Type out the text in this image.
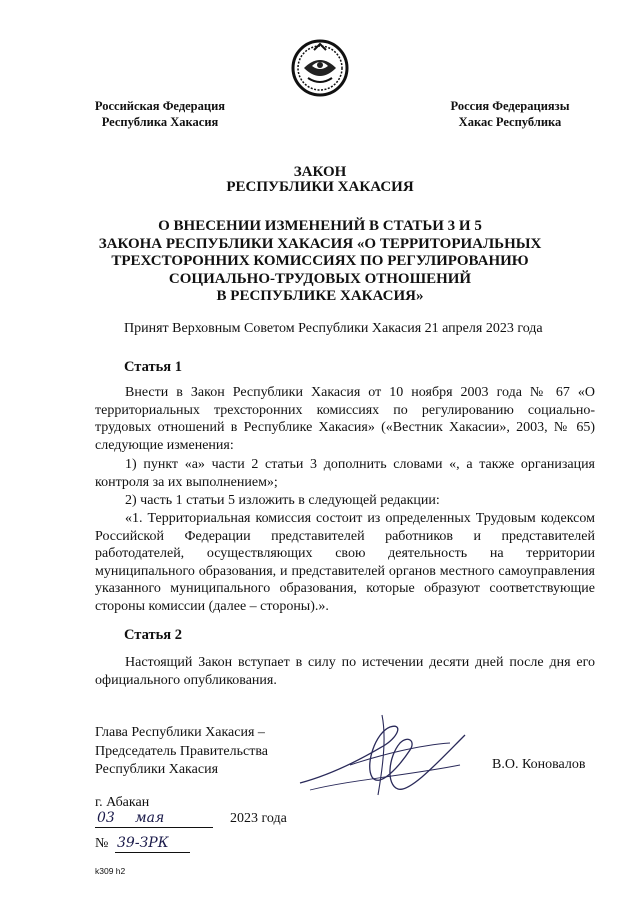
Российская Федерация
Республика Хакасия
Россия Федерациязы
Хакас Республика
ЗАКОН
РЕСПУБЛИКИ ХАКАСИЯ
О ВНЕСЕНИИ ИЗМЕНЕНИЙ В СТАТЬИ 3 И 5
ЗАКОНА РЕСПУБЛИКИ ХАКАСИЯ «О ТЕРРИТОРИАЛЬНЫХ
ТРЕХСТОРОННИХ КОМИССИЯХ ПО РЕГУЛИРОВАНИЮ
СОЦИАЛЬНО-ТРУДОВЫХ ОТНОШЕНИЙ
В РЕСПУБЛИКЕ ХАКАСИЯ»
Принят Верховным Советом Республики Хакасия 21 апреля 2023 года
Статья 1
Внести в Закон Республики Хакасия от 10 ноября 2003 года № 67 «О территориальных трехсторонних комиссиях по регулированию социально-трудовых отношений в Республике Хакасия» («Вестник Хакасии», 2003, № 65) следующие изменения:
1) пункт «а» части 2 статьи 3 дополнить словами «, а также организация контроля за их выполнением»;
2) часть 1 статьи 5 изложить в следующей редакции:
«1. Территориальная комиссия состоит из определенных Трудовым кодексом Российской Федерации представителей работников и представителей работодателей, осуществляющих свою деятельность на территории муниципального образования, и представителей органов местного самоуправления указанного муниципального образования, которые образуют соответствующие стороны комиссии (далее – стороны).».
Статья 2
Настоящий Закон вступает в силу по истечении десяти дней после дня его официального опубликования.
Глава Республики Хакасия –
Председатель Правительства
Республики Хакасия	В.О. Коновалов
г. Абакан
03 мая	2023 года
№ 39-ЗРК
k309 h2
